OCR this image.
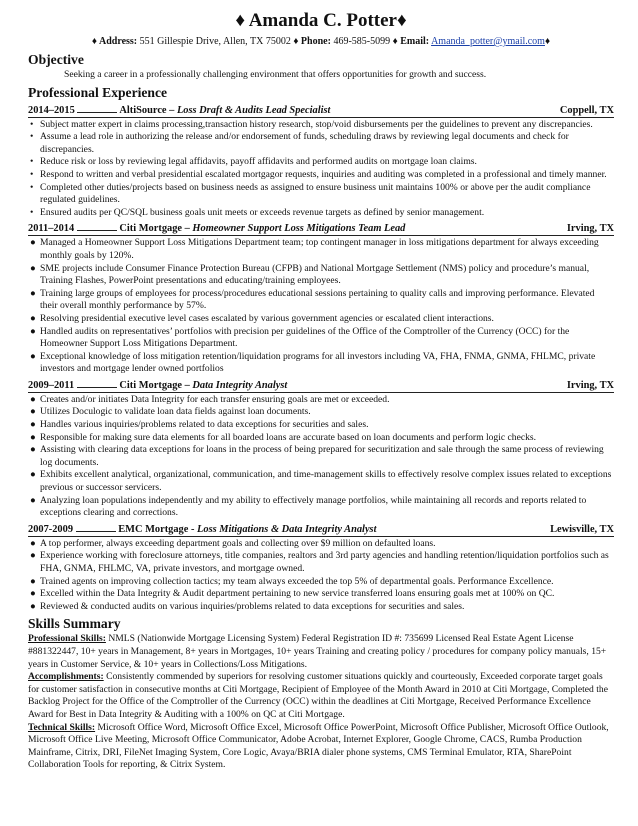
♦ Amanda C. Potter♦
♦ Address: 551 Gillespie Drive, Allen, TX 75002 ♦ Phone: 469-585-5099 ♦ Email: Amanda_potter@ymail.com♦
Objective
Seeking a career in a professionally challenging environment that offers opportunities for growth and success.
Professional Experience
2014–2015	AltiSource – Loss Draft & Audits Lead Specialist	Coppell, TX
• Subject matter expert in claims processing,transaction history research, stop/void disbursements per the guidelines to prevent any discrepancies.
• Assume a lead role in authorizing the release and/or endorsement of funds, scheduling draws by reviewing legal documents and check for discrepancies.
• Reduce risk or loss by reviewing legal affidavits, payoff affidavits and performed audits on mortgage loan claims.
• Respond to written and verbal presidential escalated mortgagor requests, inquiries and auditing was completed in a professional and timely manner.
• Completed other duties/projects based on business needs as assigned to ensure business unit maintains 100% or above per the audit compliance regulated guidelines.
• Ensured audits per QC/SQL business goals unit meets or exceeds revenue targets as defined by senior management.
2011–2014	Citi Mortgage – Homeowner Support Loss Mitigations Team Lead	Irving, TX
● Managed a Homeowner Support Loss Mitigations Department team; top contingent manager in loss mitigations department for always exceeding monthly goals by 120%.
● SME projects include Consumer Finance Protection Bureau (CFPB) and National Mortgage Settlement (NMS) policy and procedure’s manual, Training Flashes, PowerPoint presentations and educating/training employees.
● Training large groups of employees for process/procedures educational sessions pertaining to quality calls and improving performance. Elevated their overall monthly performance by 57%.
● Resolving presidential executive level cases escalated by various government agencies or escalated client interactions.
● Handled audits on representatives’ portfolios with precision per guidelines of the Office of the Comptroller of the Currency (OCC) for the Homeowner Support Loss Mitigations Department.
● Exceptional knowledge of loss mitigation retention/liquidation programs for all investors including VA, FHA, FNMA, GNMA, FHLMC, private investors and mortgage lender owned portfolios
2009–2011	Citi Mortgage – Data Integrity Analyst	Irving, TX
● Creates and/or initiates Data Integrity for each transfer ensuring goals are met or exceeded.
● Utilizes Doculogic to validate loan data fields against loan documents.
● Handles various inquiries/problems related to data exceptions for securities and sales.
● Responsible for making sure data elements for all boarded loans are accurate based on loan documents and perform logic checks.
● Assisting with clearing data exceptions for loans in the process of being prepared for securitization and sale through the same process of reviewing log documents.
● Exhibits excellent analytical, organizational, communication, and time-management skills to effectively resolve complex issues related to exceptions previous or successor servicers.
● Analyzing loan populations independently and my ability to effectively manage portfolios, while maintaining all records and reports related to exceptions clearing and corrections.
2007-2009	EMC Mortgage - Loss Mitigations & Data Integrity Analyst	Lewisville, TX
● A top performer, always exceeding department goals and collecting over $9 million on defaulted loans.
● Experience working with foreclosure attorneys, title companies, realtors and 3rd party agencies and handling retention/liquidation portfolios such as FHA, GNMA, FHLMC, VA, private investors, and mortgage owned.
● Trained agents on improving collection tactics; my team always exceeded the top 5% of departmental goals. Performance Excellence.
● Excelled within the Data Integrity & Audit department pertaining to new service transferred loans ensuring goals met at 100% on QC.
● Reviewed & conducted audits on various inquiries/problems related to data exceptions for securities and sales.
Skills Summary

Professional Skills: NMLS (Nationwide Mortgage Licensing System) Federal Registration ID #: 735699 Licensed Real Estate Agent License #881322447, 10+ years in Management, 8+ years in Mortgages, 10+ years Training and creating policy / procedures for company policy manuals, 15+ years in Customer Service, & 10+ years in Collections/Loss Mitigations.

Accomplishments: Consistently commended by superiors for resolving customer situations quickly and courteously, Exceeded corporate target goals for customer satisfaction in consecutive months at Citi Mortgage, Recipient of Employee of the Month Award in 2010 at Citi Mortgage, Completed the Backlog Project for the Office of the Comptroller of the Currency (OCC) within the deadlines at Citi Mortgage, Received Performance Excellence Award for Best in Data Integrity & Auditing with a 100% on QC at Citi Mortgage.

Technical Skills: Microsoft Office Word, Microsoft Office Excel, Microsoft Office PowerPoint, Microsoft Office Publisher, Microsoft Office Outlook, Microsoft Office Live Meeting, Microsoft Office Communicator, Adobe Acrobat, Internet Explorer, Google Chrome, CACS, Rumba Production Mainframe, Citrix, DRI, FileNet Imaging System, Core Logic, Avaya/BRIA dialer phone systems, CMS Terminal Emulator, RTA, SharePoint Collaboration Tools for reporting, & Citrix System.
